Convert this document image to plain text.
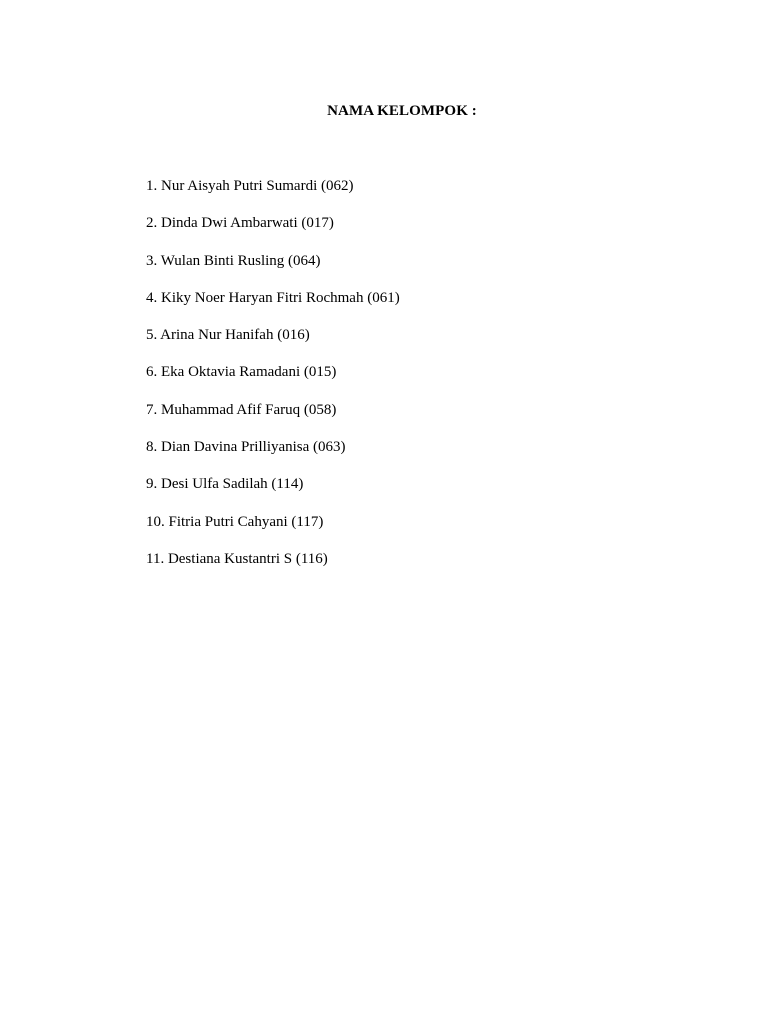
NAMA KELOMPOK :
1. Nur Aisyah Putri Sumardi (062)
2. Dinda Dwi Ambarwati (017)
3. Wulan Binti Rusling (064)
4. Kiky Noer Haryan Fitri Rochmah (061)
5. Arina Nur Hanifah (016)
6. Eka Oktavia Ramadani (015)
7. Muhammad Afif Faruq (058)
8. Dian Davina Prilliyanisa (063)
9. Desi Ulfa Sadilah (114)
10. Fitria Putri Cahyani (117)
11. Destiana Kustantri S (116)
